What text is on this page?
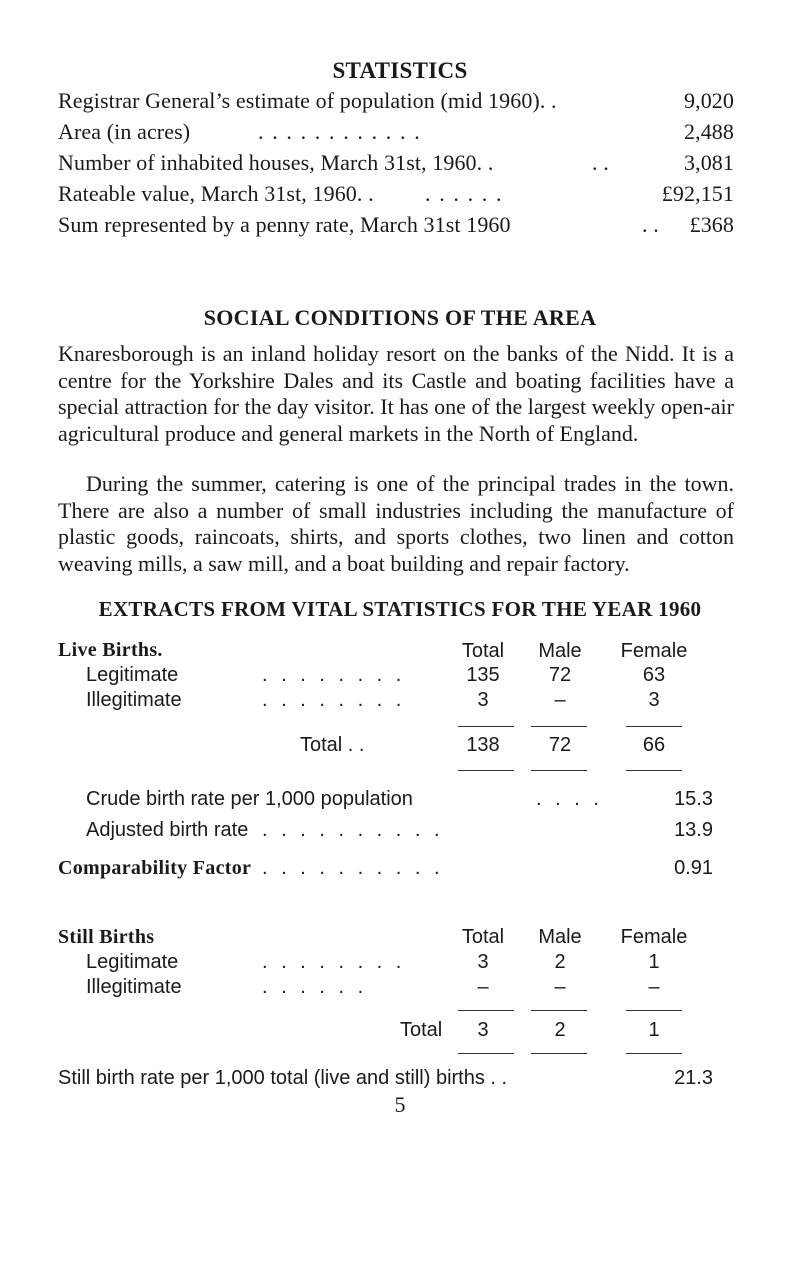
STATISTICS
Registrar General’s estimate of population (mid 1960). .	9,020
Area (in acres)	. . . . . . . . . . . .	2,488
Number of inhabited houses, March 31st, 1960. .	. .	3,081
Rateable value, March 31st, 1960. . . . . . . .	£92,151
Sum represented by a penny rate, March 31st 1960	. . £368
SOCIAL CONDITIONS OF THE AREA
Knaresborough is an inland holiday resort on the banks of the Nidd. It is a centre for the Yorkshire Dales and its Castle and boating facilities have a special attraction for the day visitor. It has one of the largest weekly open-air agricultural produce and general markets in the North of England.
During the summer, catering is one of the principal trades in the town. There are also a number of small industries including the manufacture of plastic goods, raincoats, shirts, and sports clothes, two linen and cotton weaving mills, a saw mill, and a boat building and repair factory.
EXTRACTS FROM VITAL STATISTICS FOR THE YEAR 1960
Live Births.	Total	Male	Female
Legitimate	. . . . . . . .	135	72	63
Illegitimate	. . . . . . . .	3	–	3
Total . .	138	72	66
Crude birth rate per 1,000 population	. . . .	15.3
Adjusted birth rate . . . . . . . . . .	13.9
Comparability Factor . . . . . . . . . .	0.91
Still Births	Total	Male	Female
Legitimate	. . . . . . . .	3	2	1
Illegitimate	. . . . . .	–	–	–
Total	3	2	1
Still birth rate per 1,000 total (live and still) births . .	21.3
5
